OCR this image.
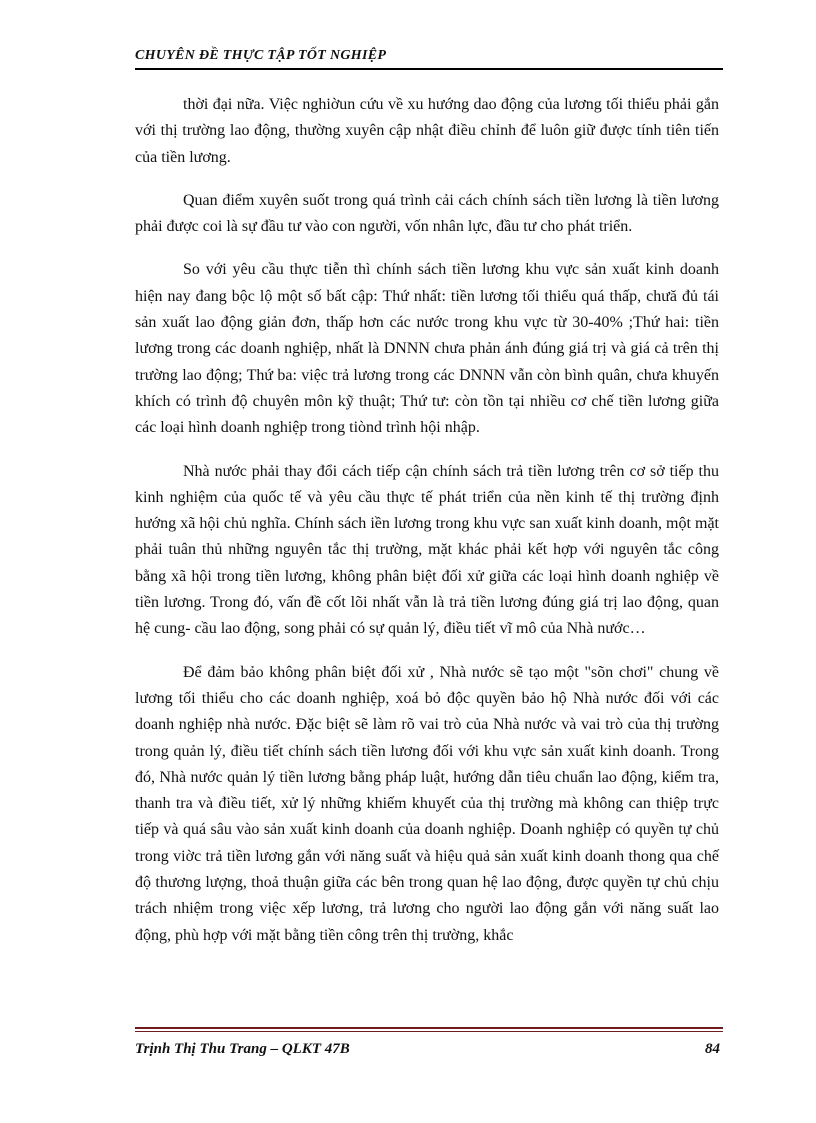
CHUYÊN ĐỀ THỰC TẬP TỐT NGHIỆP

thời đại nữa. Việc nghiờun cứu về xu hướng dao động của lương tối thiểu phải gắn với thị trường lao động, thường xuyên cập nhật điều chỉnh để luôn giữ được tính tiên tiến của tiền lương.

Quan điểm xuyên suốt trong quá trình cải cách chính sách tiền lương là tiền lương phải được coi là sự đầu tư vào con người, vốn nhân lực, đầu tư cho phát triển.

So với yêu cầu thực tiễn thì chính sách tiền lương khu vực sản xuất kinh doanh hiện nay đang bộc lộ một số bất cập: Thứ nhất: tiền lương tối thiểu quá thấp, chưă đủ tái sản xuất lao động giản đơn, thấp hơn các nước trong khu vực từ 30-40% ;Thứ hai: tiền lương trong các doanh nghiệp, nhất là DNNN chưa phản ánh đúng giá trị và giá cả trên thị trường lao động; Thứ ba: việc trả lương trong các DNNN vẫn còn bình quân, chưa khuyến khích có trình độ chuyên môn kỹ thuật; Thứ tư: còn tồn tại nhiều cơ chế tiền lương giữa các loại hình doanh nghiệp trong tiònd trình hội nhập.

Nhà nước phải thay đổi cách tiếp cận chính sách trả tiền lương trên cơ sở tiếp thu kinh nghiệm của quốc tế và yêu cầu thực tế phát triển của nền kinh tế thị trường định hướng xã hội chủ nghĩa. Chính sách iền lương trong khu vực san xuất kinh doanh, một mặt phải tuân thủ những nguyên tắc thị trường, mặt khác phải kết hợp với nguyên tắc công bằng xã hội trong tiền lương, không phân biệt đối xử giữa các loại hình doanh nghiệp về tiền lương. Trong đó, vấn đề cốt lõi nhất vẫn là trả tiền lương đúng giá trị lao động, quan hệ cung- cầu lao động, song phải có sự quản lý, điều tiết vĩ mô của Nhà nước…

Để đảm bảo không phân biệt đối xử , Nhà nước sẽ tạo một "sõn chơi" chung về lương tối thiểu cho các doanh nghiệp, xoá bỏ độc quyền bảo hộ Nhà nước đối với các doanh nghiệp nhà nước. Đặc biệt sẽ làm rõ vai trò của Nhà nước và vai trò của thị trường trong quản lý, điều tiết chính sách tiền lương đối với khu vực sản xuất kinh doanh. Trong đó, Nhà nước quản lý tiền lương bằng pháp luật, hướng dẫn tiêu chuẩn lao động, kiểm tra, thanh tra và điều tiết, xử lý những khiếm khuyết của thị trường mà không can thiệp trực tiếp và quá sâu vào sản xuất kinh doanh của doanh nghiệp. Doanh nghiệp có quyền tự chủ trong viờc trả tiền lương gắn với năng suất và hiệu quả sản xuất kinh doanh thong qua chế độ thương lượng, thoả thuận giữa các bên trong quan hệ lao động, được quyền tự chủ chịu trách nhiệm trong việc xếp lương, trả lương cho người lao động gắn với năng suất lao động, phù hợp với mặt bằng tiền công trên thị trường, khắc

Trịnh Thị Thu Trang – QLKT 47B	84
